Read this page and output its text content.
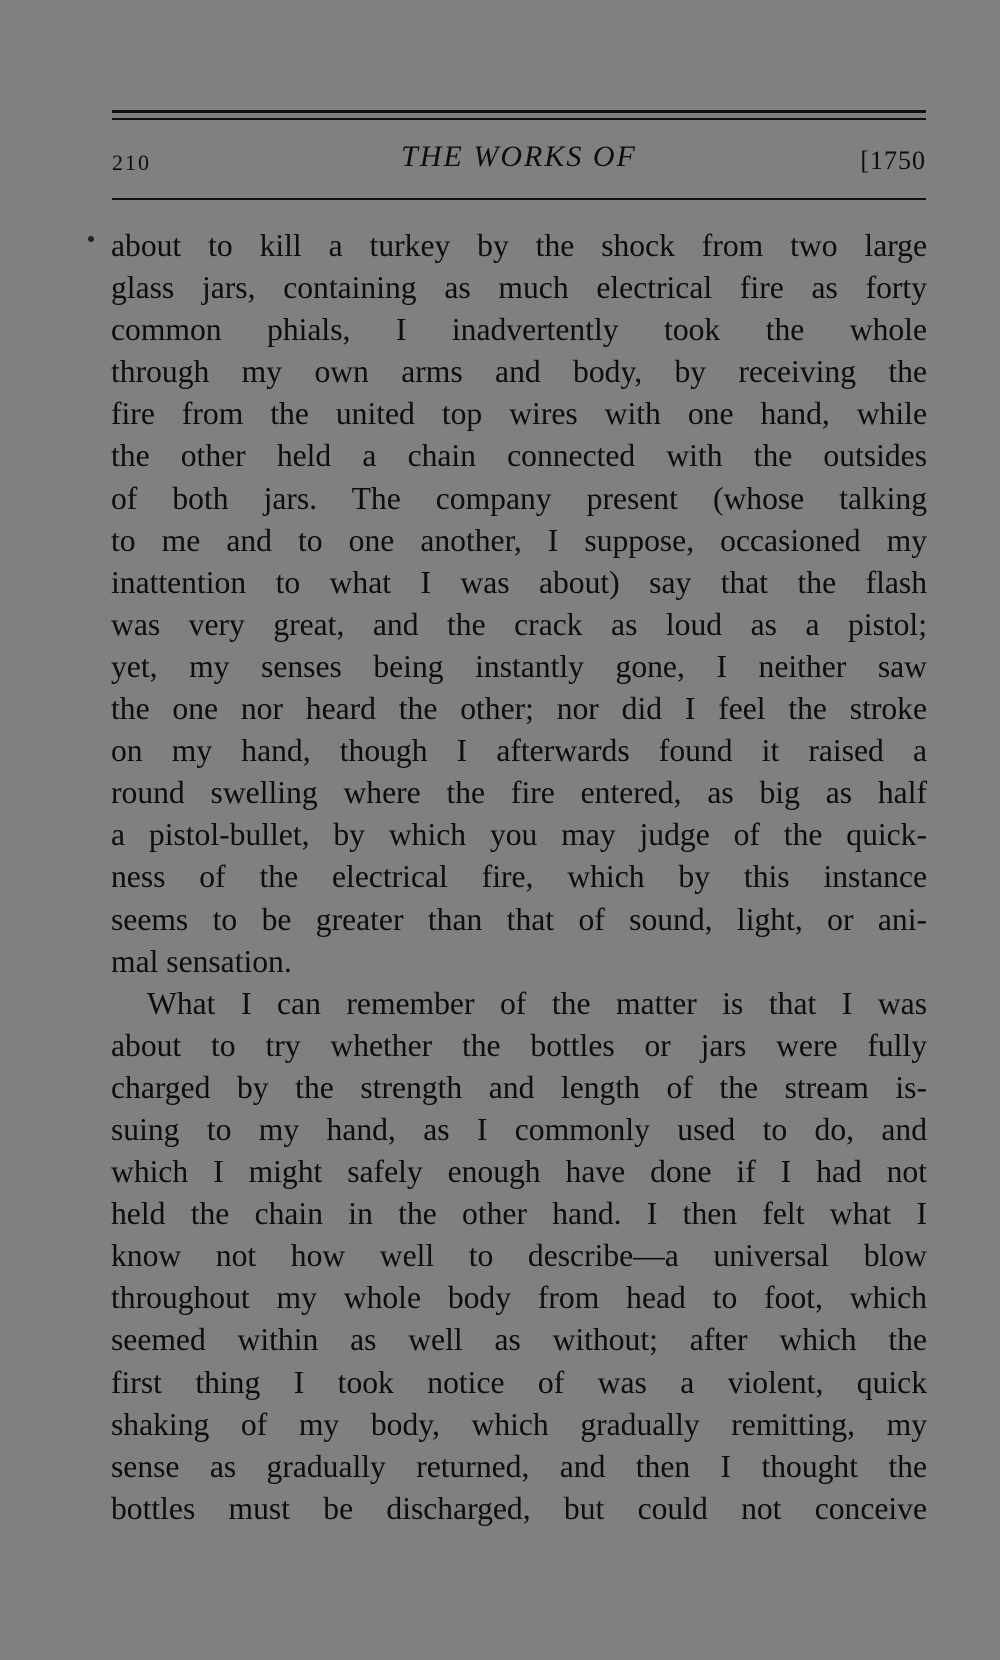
210	THE WORKS OF	[1750
about to kill a turkey by the shock from two large
glass jars, containing as much electrical fire as forty
common phials, I inadvertently took the whole
through my own arms and body, by receiving the
fire from the united top wires with one hand, while
the other held a chain connected with the outsides
of both jars. The company present (whose talking
to me and to one another, I suppose, occasioned my
inattention to what I was about) say that the flash
was very great, and the crack as loud as a pistol;
yet, my senses being instantly gone, I neither saw
the one nor heard the other; nor did I feel the stroke
on my hand, though I afterwards found it raised a
round swelling where the fire entered, as big as half
a pistol-bullet, by which you may judge of the quick-
ness of the electrical fire, which by this instance
seems to be greater than that of sound, light, or ani-
mal sensation.
What I can remember of the matter is that I was
about to try whether the bottles or jars were fully
charged by the strength and length of the stream is-
suing to my hand, as I commonly used to do, and
which I might safely enough have done if I had not
held the chain in the other hand. I then felt what I
know not how well to describe—a universal blow
throughout my whole body from head to foot, which
seemed within as well as without; after which the
first thing I took notice of was a violent, quick
shaking of my body, which gradually remitting, my
sense as gradually returned, and then I thought the
bottles must be discharged, but could not conceive
